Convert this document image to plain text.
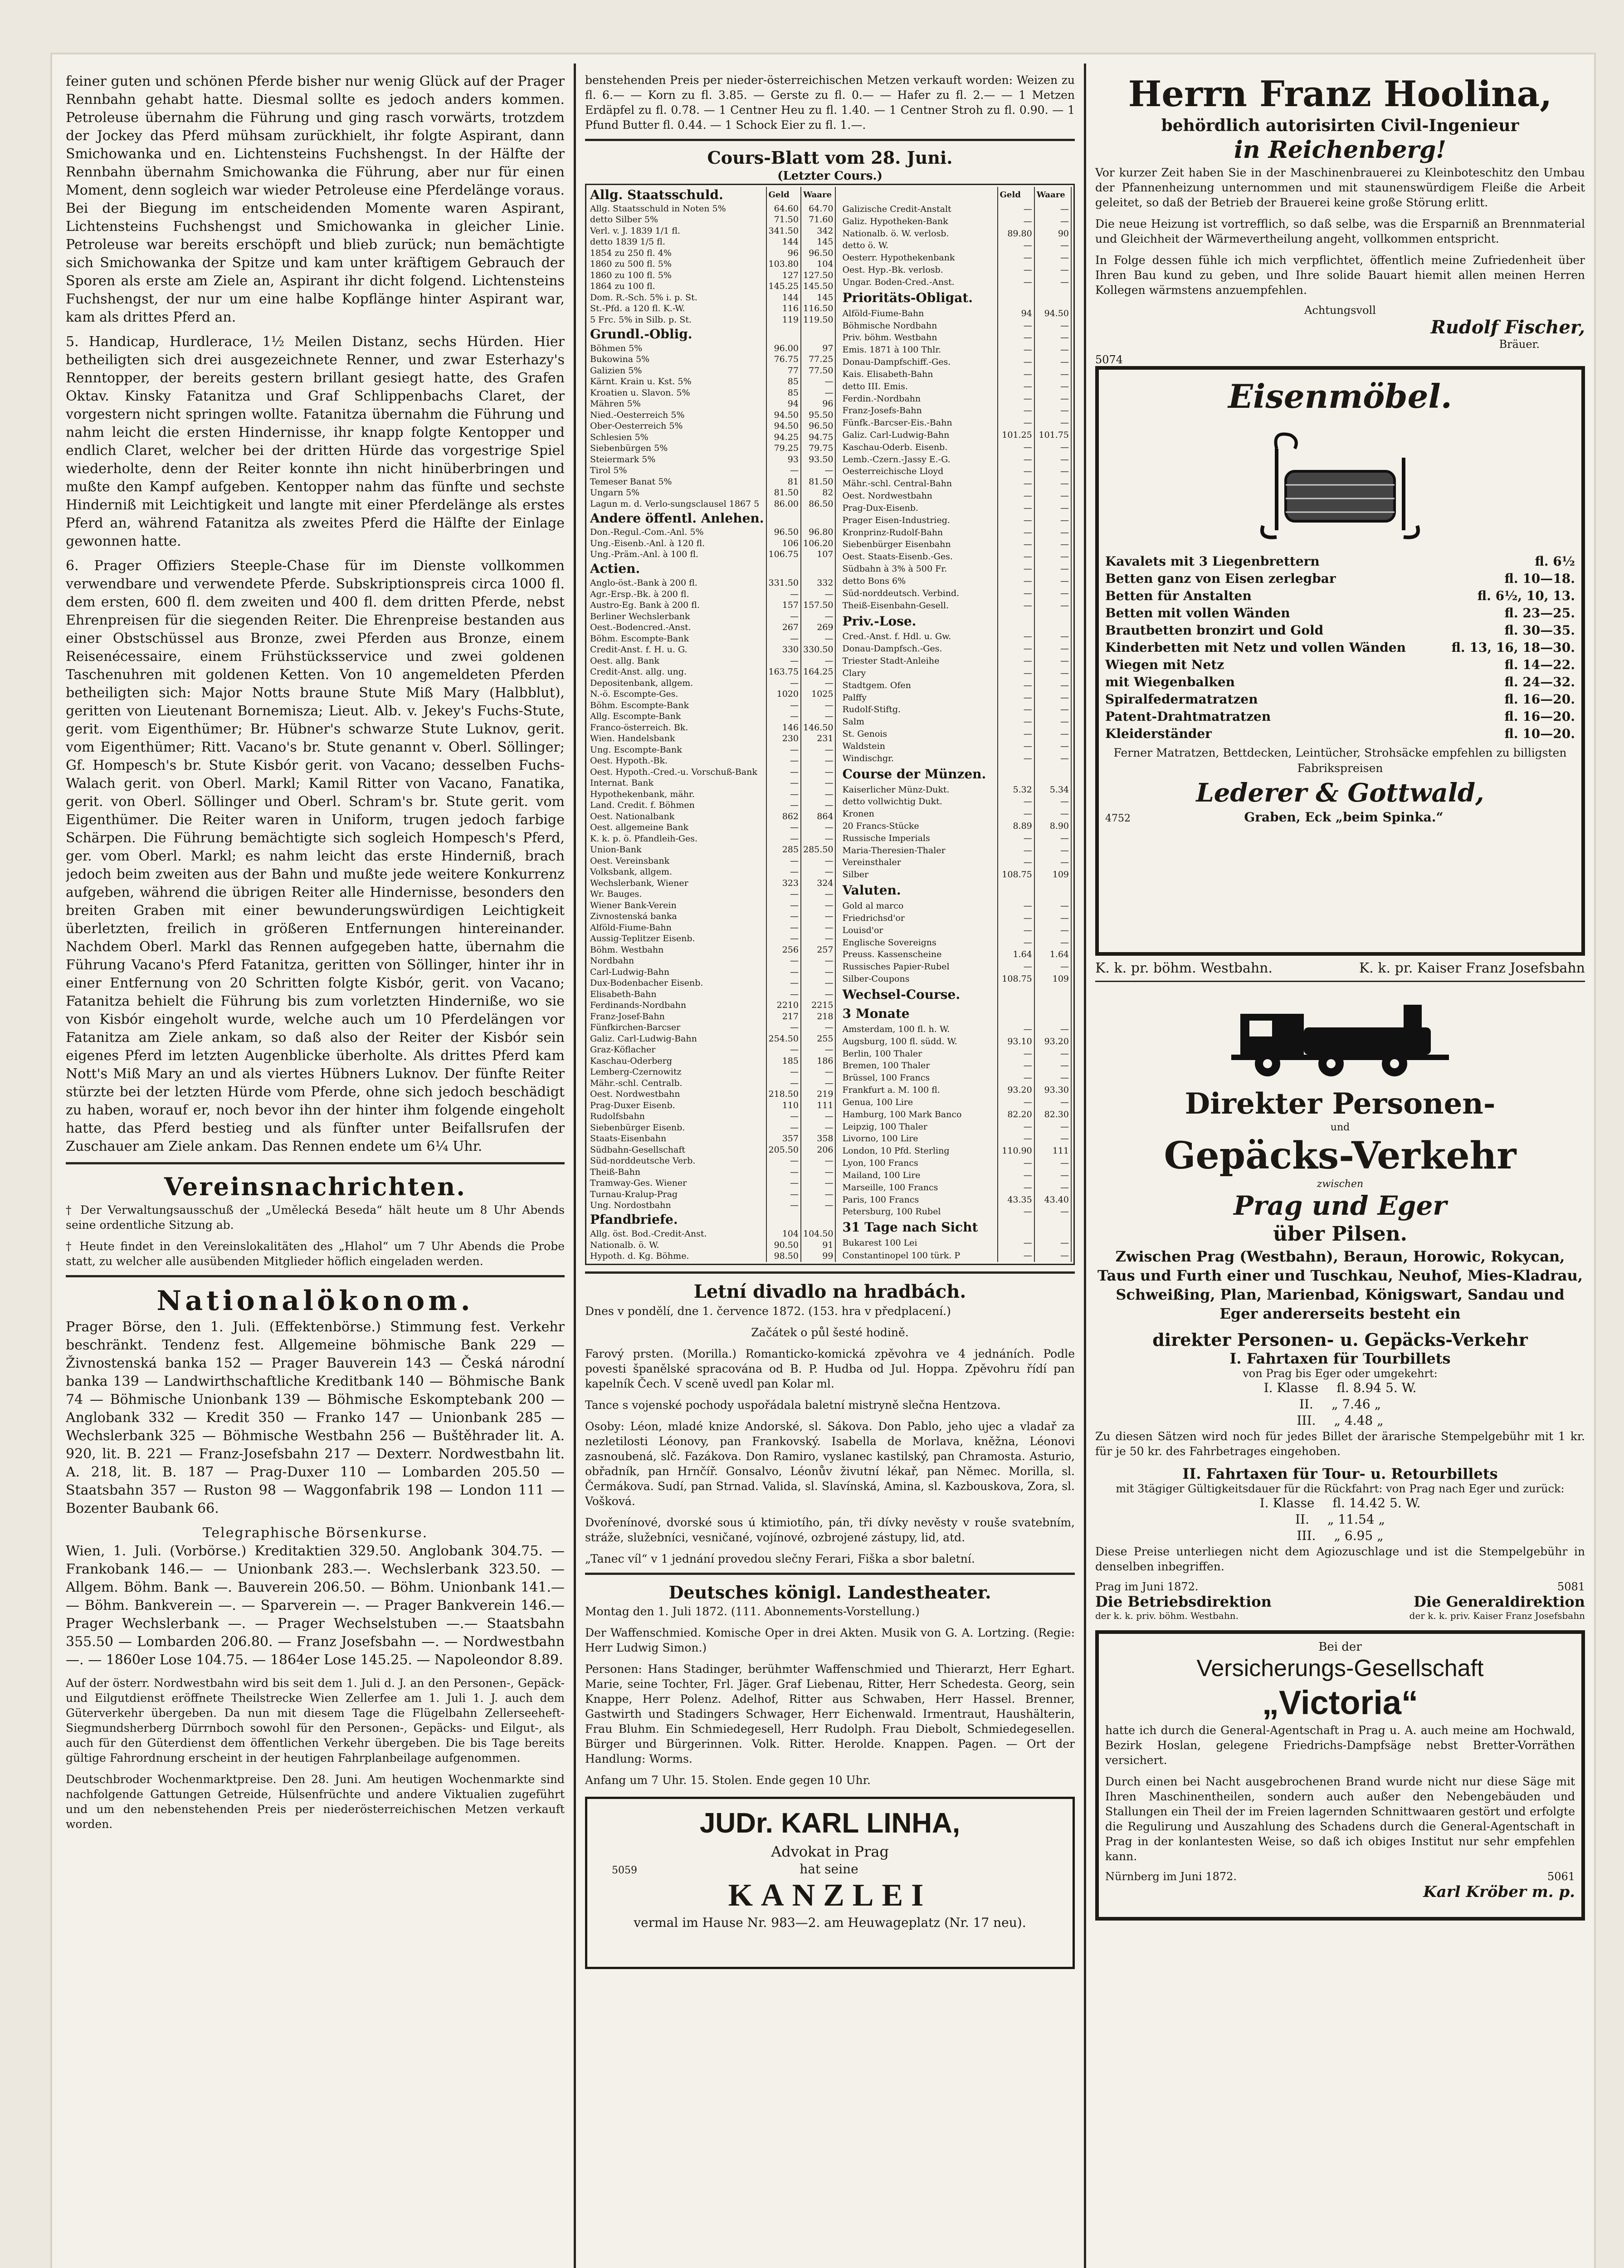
feiner guten und schönen Pferde bisher nur wenig Glück auf der Prager Rennbahn gehabt hatte. Diesmal sollte es jedoch anders kommen. Petroleuse übernahm die Führung und ging rasch vorwärts, trotzdem der Jockey das Pferd mühsam zurückhielt, ihr folgte Aspirant, dann Smichowanka und en. Lichtensteins Fuchshengst. In der Hälfte der Rennbahn übernahm Smichowanka die Führung, aber nur für einen Moment, denn sogleich war wieder Petroleuse eine Pferdelänge voraus. Bei der Biegung im entscheidenden Momente waren Aspirant, Lichtensteins Fuchshengst und Smichowanka in gleicher Linie. Petroleuse war bereits erschöpft und blieb zurück; nun bemächtigte sich Smichowanka der Spitze und kam unter kräftigem Gebrauch der Sporen als erste am Ziele an, Aspirant ihr dicht folgend. Lichtensteins Fuchshengst, der nur um eine halbe Kopflänge hinter Aspirant war, kam als drittes Pferd an.

5. Handicap, Hurdlerace, 1½ Meilen Distanz, sechs Hürden. Hier betheiligten sich drei ausgezeichnete Renner, und zwar Esterhazy's Renntopper, der bereits gestern brillant gesiegt hatte, des Grafen Oktav. Kinsky Fatanitza und Graf Schlippenbachs Claret, der vorgestern nicht springen wollte. Fatanitza übernahm die Führung und nahm leicht die ersten Hindernisse, ihr knapp folgte Kentopper und endlich Claret, welcher bei der dritten Hürde das vorgestrige Spiel wiederholte, denn der Reiter konnte ihn nicht hinüberbringen und mußte den Kampf aufgeben. Kentopper nahm das fünfte und sechste Hinderniß mit Leichtigkeit und langte mit einer Pferdelänge als erstes Pferd an, während Fatanitza als zweites Pferd die Hälfte der Einlage gewonnen hatte.

6. Prager Offiziers Steeple-Chase für im Dienste vollkommen verwendbare und verwendete Pferde. Subskriptionspreis circa 1000 fl. dem ersten, 600 fl. dem zweiten und 400 fl. dem dritten Pferde, nebst Ehrenpreisen für die siegenden Reiter. Die Ehrenpreise bestanden aus einer Obstschüssel aus Bronze, zwei Pferden aus Bronze, einem Reisenécessaire, einem Frühstücksservice und zwei goldenen Taschenuhren mit goldenen Ketten. Von 10 angemeldeten Pferden betheiligten sich: Major Notts braune Stute Miß Mary (Halbblut), geritten von Lieutenant Bornemisza; Lieut. Alb. v. Jekey's Fuchs-Stute, gerit. vom Eigenthümer; Br. Hübner's schwarze Stute Luknov, gerit. vom Eigenthümer; Ritt. Vacano's br. Stute genannt v. Oberl. Söllinger; Gf. Hompesch's br. Stute Kisbór gerit. von Vacano; desselben Fuchs-Walach gerit. von Oberl. Markl; Kamil Ritter von Vacano, Fanatika, gerit. von Oberl. Söllinger und Oberl. Schram's br. Stute gerit. vom Eigenthümer. Die Reiter waren in Uniform, trugen jedoch farbige Schärpen. Die Führung bemächtigte sich sogleich Hompesch's Pferd, ger. vom Oberl. Markl; es nahm leicht das erste Hinderniß, brach jedoch beim zweiten aus der Bahn und mußte jede weitere Konkurrenz aufgeben, während die übrigen Reiter alle Hindernisse, besonders den breiten Graben mit einer bewunderungswürdigen Leichtigkeit überletzten, freilich in größeren Entfernungen hintereinander. Nachdem Oberl. Markl das Rennen aufgegeben hatte, übernahm die Führung Vacano's Pferd Fatanitza, geritten von Söllinger, hinter ihr in einer Entfernung von 20 Schritten folgte Kisbór, gerit. von Vacano; Fatanitza behielt die Führung bis zum vorletzten Hinderniße, wo sie von Kisbór eingeholt wurde, welche auch um 10 Pferdelängen vor Fatanitza am Ziele ankam, so daß also der Reiter der Kisbór sein eigenes Pferd im letzten Augenblicke überholte. Als drittes Pferd kam Nott's Miß Mary an und als viertes Hübners Luknov. Der fünfte Reiter stürzte bei der letzten Hürde vom Pferde, ohne sich jedoch beschädigt zu haben, worauf er, noch bevor ihn der hinter ihm folgende eingeholt hatte, das Pferd bestieg und als fünfter unter Beifallsrufen der Zuschauer am Ziele ankam. Das Rennen endete um 6¼ Uhr.

Vereinsnachrichten.

† Der Verwaltungsausschuß der „Umělecká Beseda“ hält heute um 8 Uhr Abends seine ordentliche Sitzung ab.

† Heute findet in den Vereinslokalitäten des „Hlahol“ um 7 Uhr Abends die Probe statt, zu welcher alle ausübenden Mitglieder höflich eingeladen werden.

Nationalökonom.

Prager Börse, den 1. Juli. (Effektenbörse.) Stimmung fest. Verkehr beschränkt. Tendenz fest. Allgemeine böhmische Bank 229 — Živnostenská banka 152 — Prager Bauverein 143 — Česká národní banka 139 — Landwirthschaftliche Kreditbank 140 — Böhmische Bank 74 — Böhmische Unionbank 139 — Böhmische Eskomptebank 200 — Anglobank 332 — Kredit 350 — Franko 147 — Unionbank 285 — Wechslerbank 325 — Böhmische Westbahn 256 — Buštěhrader lit. A. 920, lit. B. 221 — Franz-Josefsbahn 217 — Dexterr. Nordwestbahn lit. A. 218, lit. B. 187 — Prag-Duxer 110 — Lombarden 205.50 — Staatsbahn 357 — Ruston 98 — Waggonfabrik 198 — London 111 — Bozenter Baubank 66.

Telegraphische Börsenkurse.

Wien, 1. Juli. (Vorbörse.) Kreditaktien 329.50. Anglobank 304.75. — Frankobank 146.— — Unionbank 283.—. Wechslerbank 323.50. — Allgem. Böhm. Bank —. Bauverein 206.50. — Böhm. Unionbank 141.— — Böhm. Bankverein —. — Sparverein —. — Prager Bankverein 146.— Prager Wechslerbank —. — Prager Wechselstuben —.— Staatsbahn 355.50 — Lombarden 206.80. — Franz Josefsbahn —. — Nordwestbahn —. — 1860er Lose 104.75. — 1864er Lose 145.25. — Napoleondor 8.89.

Auf der österr. Nordwestbahn wird bis seit dem 1. Juli d. J. an den Personen-, Gepäck- und Eilgutdienst eröffnete Theilstrecke Wien Zellerfee am 1. Juli 1. J. auch dem Güterverkehr übergeben. Da nun mit diesem Tage die Flügelbahn Zellerseeheft-Siegmundsherberg Dürrnboch sowohl für den Personen-, Gepäcks- und Eilgut-, als auch für den Güterdienst dem öffentlichen Verkehr übergeben. Die bis Tage bereits gültige Fahrordnung erscheint in der heutigen Fahrplanbeilage aufgenommen.

Deutschbroder Wochenmarktpreise. Den 28. Juni. Am heutigen Wochenmarkte sind nachfolgende Gattungen Getreide, Hülsenfrüchte und andere Viktualien zugeführt und um den nebenstehenden Preis per niederösterreichischen Metzen verkauft worden.

benstehenden Preis per nieder-österreichischen Metzen verkauft worden: Weizen zu fl. 6.— — Korn zu fl. 3.85. — Gerste zu fl. 0.— — Hafer zu fl. 2.— — 1 Metzen Erdäpfel zu fl. 0.78. — 1 Centner Heu zu fl. 1.40. — 1 Centner Stroh zu fl. 0.90. — 1 Pfund Butter fl. 0.44. — 1 Schock Eier zu fl. 1.—.

Cours-Blatt vom 28. Juni.
(Letzter Cours.)
Allg. Staatsschuld.	Geld	Waare
Allg. Staatsschuld in Noten 5%	64.60	64.70
detto Silber 5%	71.50	71.60
Verl. v. J. 1839 1/1 fl.	341.50	342
detto 1839 1/5 fl.	144	145
1854 zu 250 fl. 4%	96	96.50
1860 zu 500 fl. 5%	103.80	104
1860 zu 100 fl. 5%	127	127.50
1864 zu 100 fl.	145.25	145.50
Dom. R.-Sch. 5% i. p. St.	144	145
St.-Pfd. a 120 fl. K.-W.	116	116.50
5 Frc. 5% in Silb. p. St.	119	119.50
Grundl.-Oblig.		
Böhmen 5%	96.00	97
Bukowina 5%	76.75	77.25
Galizien 5%	77	77.50
Kärnt. Krain u. Kst. 5%	85	—
Kroatien u. Slavon. 5%	85	—
Mähren 5%	94	96
Nied.-Oesterreich 5%	94.50	95.50
Ober-Oesterreich 5%	94.50	96.50
Schlesien 5%	94.25	94.75
Siebenbürgen 5%	79.25	79.75
Steiermark 5%	93	93.50
Tirol 5%	—	—
Temeser Banat 5%	81	81.50
Ungarn 5%	81.50	82
Lagun m. d. Verlo-sungsclausel 1867 5	86.00	86.50
Andere öffentl. Anlehen.		
Don.-Regul.-Com.-Anl. 5%	96.50	96.80
Ung.-Eisenb.-Anl. à 120 fl.	106	106.20
Ung.-Präm.-Anl. à 100 fl.	106.75	107
Actien.		
Anglo-öst.-Bank à 200 fl.	331.50	332
Agr.-Ersp.-Bk. à 200 fl.	—	—
Austro-Eg. Bank à 200 fl.	157	157.50
Berliner Wechslerbank	—	—
Oest.-Bodencred.-Anst.	267	269
Böhm. Escompte-Bank	—	—
Credit-Anst. f. H. u. G.	330	330.50
Oest. allg. Bank	—	—
Credit-Anst. allg. ung.	163.75	164.25
Depositenbank, allgem.	—	—
N.-ö. Escompte-Ges.	1020	1025
Böhm. Escompte-Bank	—	—
Allg. Escompte-Bank	—	—
Franco-österreich. Bk.	146	146.50
Wien. Handelsbank	230	231
Ung. Escompte-Bank	—	—
Oest. Hypoth.-Bk.	—	—
Oest. Hypoth.-Cred.-u. Vorschuß-Bank	—	—
Internat. Bank	—	—
Hypothekenbank, mähr.	—	—
Land. Credit. f. Böhmen	—	—
Oest. Nationalbank	862	864
Oest. allgemeine Bank	—	—
K. k. p. ö. Pfandleih-Ges.	—	—
Union-Bank	285	285.50
Oest. Vereinsbank	—	—
Volksbank, allgem.	—	—
Wechslerbank, Wiener	323	324
Wr. Bauges.	—	—
Wiener Bank-Verein	—	—
Zivnostenská banka	—	—
Alföld-Fiume-Bahn	—	—
Aussig-Teplitzer Eisenb.	—	—
Böhm. Westbahn	256	257
Nordbahn	—	—
Carl-Ludwig-Bahn	—	—
Dux-Bodenbacher Eisenb.	—	—
Elisabeth-Bahn	—	—
Ferdinands-Nordbahn	2210	2215
Franz-Josef-Bahn	217	218
Fünfkirchen-Barcser	—	—
Galiz. Carl-Ludwig-Bahn	254.50	255
Graz-Köflacher	—	—
Kaschau-Oderberg	185	186
Lemberg-Czernowitz	—	—
Mähr.-schl. Centralb.	—	—
Oest. Nordwestbahn	218.50	219
Prag-Duxer Eisenb.	110	111
Rudolfsbahn	—	—
Siebenbürger Eisenb.	—	—
Staats-Eisenbahn	357	358
Südbahn-Gesellschaft	205.50	206
Süd-norddeutsche Verb.	—	—
Theiß-Bahn	—	—
Tramway-Ges. Wiener	—	—
Turnau-Kralup-Prag	—	—
Ung. Nordostbahn	—	—
Pfandbriefe.		
Allg. öst. Bod.-Credit-Anst.	104	104.50
Nationalb. ö. W.	90.50	91
Hypoth. d. Kg. Böhme.	98.50	99
	Geld	Waare
Galizische Credit-Anstalt	—	—
Galiz. Hypotheken-Bank	—	—
Nationalb. ö. W. verlosb.	89.80	90
detto ö. W.	—	—
Oesterr. Hypothekenbank	—	—
Oest. Hyp.-Bk. verlosb.	—	—
Ungar. Boden-Cred.-Anst.	—	—
Prioritäts-Obligat.		
Alföld-Fiume-Bahn	94	94.50
Böhmische Nordbahn	—	—
Priv. böhm. Westbahn	—	—
Emis. 1871 à 100 Thlr.	—	—
Donau-Dampfschiff.-Ges.	—	—
Kais. Elisabeth-Bahn	—	—
detto III. Emis.	—	—
Ferdin.-Nordbahn	—	—
Franz-Josefs-Bahn	—	—
Fünfk.-Barcser-Eis.-Bahn	—	—
Galiz. Carl-Ludwig-Bahn	101.25	101.75
Kaschau-Oderb. Eisenb.	—	—
Lemb.-Czern.-Jassy E.-G.	—	—
Oesterreichische Lloyd	—	—
Mähr.-schl. Central-Bahn	—	—
Oest. Nordwestbahn	—	—
Prag-Dux-Eisenb.	—	—
Prager Eisen-Industrieg.	—	—
Kronprinz-Rudolf-Bahn	—	—
Siebenbürger Eisenbahn	—	—
Oest. Staats-Eisenb.-Ges.	—	—
Südbahn à 3% à 500 Fr.	—	—
detto Bons 6%	—	—
Süd-norddeutsch. Verbind.	—	—
Theiß-Eisenbahn-Gesell.	—	—
Priv.-Lose.		
Cred.-Anst. f. Hdl. u. Gw.	—	—
Donau-Dampfsch.-Ges.	—	—
Triester Stadt-Anleihe	—	—
Clary	—	—
Stadtgem. Ofen	—	—
Palffy	—	—
Rudolf-Stiftg.	—	—
Salm	—	—
St. Genois	—	—
Waldstein	—	—
Windischgr.	—	—
Course der Münzen.		
Kaiserlicher Münz-Dukt.	5.32	5.34
detto vollwichtig Dukt.	—	—
Kronen	—	—
20 Francs-Stücke	8.89	8.90
Russische Imperials	—	—
Maria-Theresien-Thaler	—	—
Vereinsthaler	—	—
Silber	108.75	109
Valuten.		
Gold al marco	—	—
Friedrichsd'or	—	—
Louisd'or	—	—
Englische Sovereigns	—	—
Preuss. Kassenscheine	1.64	1.64
Russisches Papier-Rubel	—	—
Silber-Coupons	108.75	109
Wechsel-Course.		
3 Monate		
Amsterdam, 100 fl. h. W.	—	—
Augsburg, 100 fl. südd. W.	93.10	93.20
Berlin, 100 Thaler	—	—
Bremen, 100 Thaler	—	—
Brüssel, 100 Francs	—	—
Frankfurt a. M. 100 fl.	93.20	93.30
Genua, 100 Lire	—	—
Hamburg, 100 Mark Banco	82.20	82.30
Leipzig, 100 Thaler	—	—
Livorno, 100 Lire	—	—
London, 10 Pfd. Sterling	110.90	111
Lyon, 100 Francs	—	—
Mailand, 100 Lire	—	—
Marseille, 100 Francs	—	—
Paris, 100 Francs	43.35	43.40
Petersburg, 100 Rubel	—	—
31 Tage nach Sicht		
Bukarest 100 Lei	—	—
Constantinopel 100 türk. P	—	—
Letní divadlo na hradbách.

Dnes v pondělí, dne 1. července 1872. (153. hra v předplacení.)

Začátek o půl šesté hodině.

Farový prsten. (Morilla.) Romanticko-komická zpěvohra ve 4 jednáních. Podle povesti španělské spracována od B. P. Hudba od Jul. Hoppa. Zpěvohru řídí pan kapelník Čech. V sceně uvedl pan Kolar ml.

Tance s vojenské pochody uspořádala baletní mistryně slečna Hentzova.

Osoby: Léon, mladé knize Andorské, sl. Sákova. Don Pablo, jeho ujec a vladař za nezletilosti Léonovy, pan Frankovský. Isabella de Morlava, kněžna, Léonovi zasnoubená, slč. Fazákova. Don Ramiro, vyslanec kastilský, pan Chramosta. Asturio, obřadník, pan Hrnčíř. Gonsalvo, Léonův živutní lékař, pan Němec. Morilla, sl. Čermákova. Sudí, pan Strnad. Valida, sl. Slavínská, Amina, sl. Kazbouskova, Zora, sl. Vošková.

Dvořenínové, dvorské sous ú ktimiotího, pán, tři dívky nevěsty v rouše svatebním, stráže, služebníci, vesničané, vojínové, ozbrojené zástupy, lid, atd.

„Tanec víl“ v 1 jednání provedou slečny Ferari, Fiška a sbor baletní.

Deutsches königl. Landestheater.

Montag den 1. Juli 1872. (111. Abonnements-Vorstellung.)

Der Waffenschmied. Komische Oper in drei Akten. Musik von G. A. Lortzing. (Regie: Herr Ludwig Simon.)

Personen: Hans Stadinger, berühmter Waffenschmied und Thierarzt, Herr Eghart. Marie, seine Tochter, Frl. Jäger. Graf Liebenau, Ritter, Herr Schedesta. Georg, sein Knappe, Herr Polenz. Adelhof, Ritter aus Schwaben, Herr Hassel. Brenner, Gastwirth und Stadingers Schwager, Herr Eichenwald. Irmentraut, Haushälterin, Frau Bluhm. Ein Schmiedegesell, Herr Rudolph. Frau Diebolt, Schmiedegesellen. Bürger und Bürgerinnen. Volk. Ritter. Herolde. Knappen. Pagen. — Ort der Handlung: Worms.

Anfang um 7 Uhr. 15. Stolen. Ende gegen 10 Uhr.

JUDr. KARL LINHA,
Advokat in Prag
5059	hat seine
KANZLEI
vermal im Hause Nr. 983—2. am Heuwageplatz (Nr. 17 neu).
Herrn Franz Hoolina,
behördlich autorisirten Civil-Ingenieur
in Reichenberg!

Vor kurzer Zeit haben Sie in der Maschinenbrauerei zu Kleinboteschitz den Umbau der Pfannenheizung unternommen und mit staunenswürdigem Fleiße die Arbeit geleitet, so daß der Betrieb der Brauerei keine große Störung erlitt.

Die neue Heizung ist vortrefflich, so daß selbe, was die Ersparniß an Brennmaterial und Gleichheit der Wärmevertheilung angeht, vollkommen entspricht.

In Folge dessen fühle ich mich verpflichtet, öffentlich meine Zufriedenheit über Ihren Bau kund zu geben, und Ihre solide Bauart hiemit allen meinen Herren Kollegen wärmstens anzuempfehlen.

Achtungsvoll
Rudolf Fischer,
Bräuer.
5074
Eisenmöbel.
Kavalets mit 3 Liegenbrettern	fl. 6½
Betten ganz von Eisen zerlegbar	fl. 10—18.
Betten für Anstalten	fl. 6½, 10, 13.
Betten mit vollen Wänden	fl. 23—25.
Brautbetten bronzirt und Gold	fl. 30—35.
Kinderbetten mit Netz und vollen Wänden	fl. 13, 16, 18—30.
Wiegen mit Netz	fl. 14—22.
mit Wiegenbalken	fl. 24—32.
Spiralfedermatratzen	fl. 16—20.
Patent-Drahtmatratzen	fl. 16—20.
Kleiderständer	fl. 10—20.
Ferner Matratzen, Bettdecken, Leintücher, Strohsäcke empfehlen zu billigsten Fabrikspreisen
Lederer & Gottwald,
4752	Graben, Eck „beim Spinka.“
K. k. pr. böhm. Westbahn.	K. k. pr. Kaiser Franz Josefsbahn
Direkter Personen-
und
Gepäcks-Verkehr
zwischen
Prag und Eger
über Pilsen.

Zwischen Prag (Westbahn), Beraun, Horowic, Rokycan, Taus und Furth einer und Tuschkau, Neuhof, Mies-Kladrau, Schweißing, Plan, Marienbad, Königswart, Sandau und Eger andererseits besteht ein

direkter Personen- u. Gepäcks-Verkehr
I. Fahrtaxen für Tourbillets
von Prag bis Eger oder umgekehrt:
I. Klasse fl. 8.94 5. W.
II. „ 7.46 „
III. „ 4.48 „

Zu diesen Sätzen wird noch für jedes Billet der ärarische Stempelgebühr mit 1 kr. für je 50 kr. des Fahrbetrages eingehoben.

II. Fahrtaxen für Tour- u. Retourbillets
mit 3tägiger Gültigkeitsdauer für die Rückfahrt: von Prag nach Eger und zurück:
I. Klasse fl. 14.42 5. W.
II. „ 11.54 „
III. „ 6.95 „

Diese Preise unterliegen nicht dem Agiozuschlage und ist die Stempelgebühr in denselben inbegriffen.

Prag im Juni 1872.	5081
Die Betriebsdirektion	Die Generaldirektion
der k. k. priv. böhm. Westbahn.	der k. k. priv. Kaiser Franz Josefsbahn
Bei der
Versicherungs-Gesellschaft
„Victoria“

hatte ich durch die General-Agentschaft in Prag u. A. auch meine am Hochwald, Bezirk Hoslan, gelegene Friedrichs-Dampfsäge nebst Bretter-Vorräthen versichert.

Durch einen bei Nacht ausgebrochenen Brand wurde nicht nur diese Säge mit Ihren Maschinentheilen, sondern auch außer den Nebengebäuden und Stallungen ein Theil der im Freien lagernden Schnittwaaren gestört und erfolgte die Regulirung und Auszahlung des Schadens durch die General-Agentschaft in Prag in der konlantesten Weise, so daß ich obiges Institut nur sehr empfehlen kann.

Nürnberg im Juni 1872.	5061
Karl Kröber m. p.
